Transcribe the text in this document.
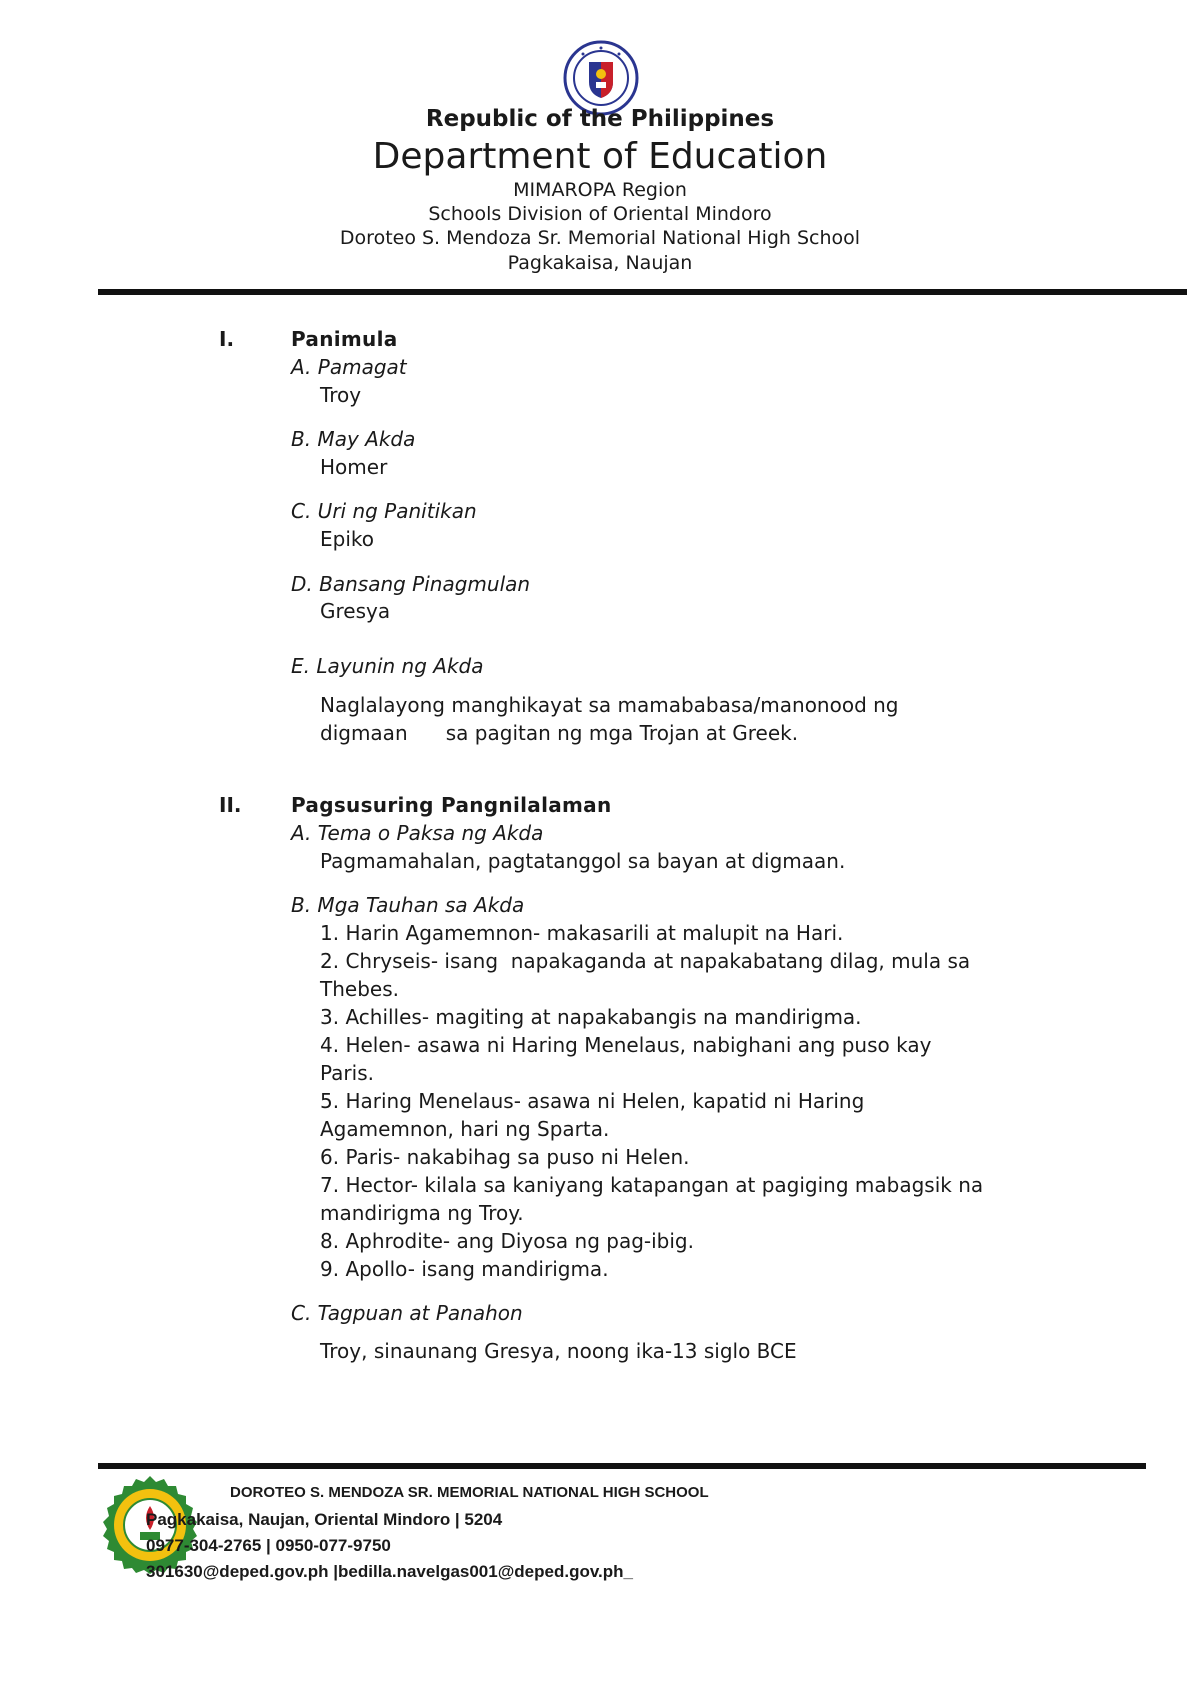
Republic of the Philippines
Department of Education
MIMAROPA Region
Schools Division of Oriental Mindoro
Doroteo S. Mendoza Sr. Memorial National High School
Pagkakaisa, Naujan
I.	Panimula
A. Pamagat
Troy
B. May Akda
Homer
C. Uri ng Panitikan
Epiko
D. Bansang Pinagmulan
Gresya
E. Layunin ng Akda
Naglalayong manghikayat sa mamababasa/manonood ng
digmaan      sa pagitan ng mga Trojan at Greek.
II. Pagsusuring Pangnilalaman
A. Tema o Paksa ng Akda
Pagmamahalan, pagtatanggol sa bayan at digmaan.
B. Mga Tauhan sa Akda
1. Harin Agamemnon- makasarili at malupit na Hari.
2. Chryseis- isang  napakaganda at napakabatang dilag, mula sa
Thebes.
3. Achilles- magiting at napakabangis na mandirigma.
4. Helen- asawa ni Haring Menelaus, nabighani ang puso kay
Paris.
5. Haring Menelaus- asawa ni Helen, kapatid ni Haring
Agamemnon, hari ng Sparta.
6. Paris- nakabihag sa puso ni Helen.
7. Hector- kilala sa kaniyang katapangan at pagiging mabagsik na
mandirigma ng Troy.
8. Aphrodite- ang Diyosa ng pag-ibig.
9. Apollo- isang mandirigma.
C. Tagpuan at Panahon
Troy, sinaunang Gresya, noong ika-13 siglo BCE
DOROTEO S. MENDOZA SR. MEMORIAL NATIONAL HIGH SCHOOL
Pagkakaisa, Naujan, Oriental Mindoro | 5204
0977-304-2765 | 0950-077-9750
301630@deped.gov.ph |bedilla.navelgas001@deped.gov.ph_
